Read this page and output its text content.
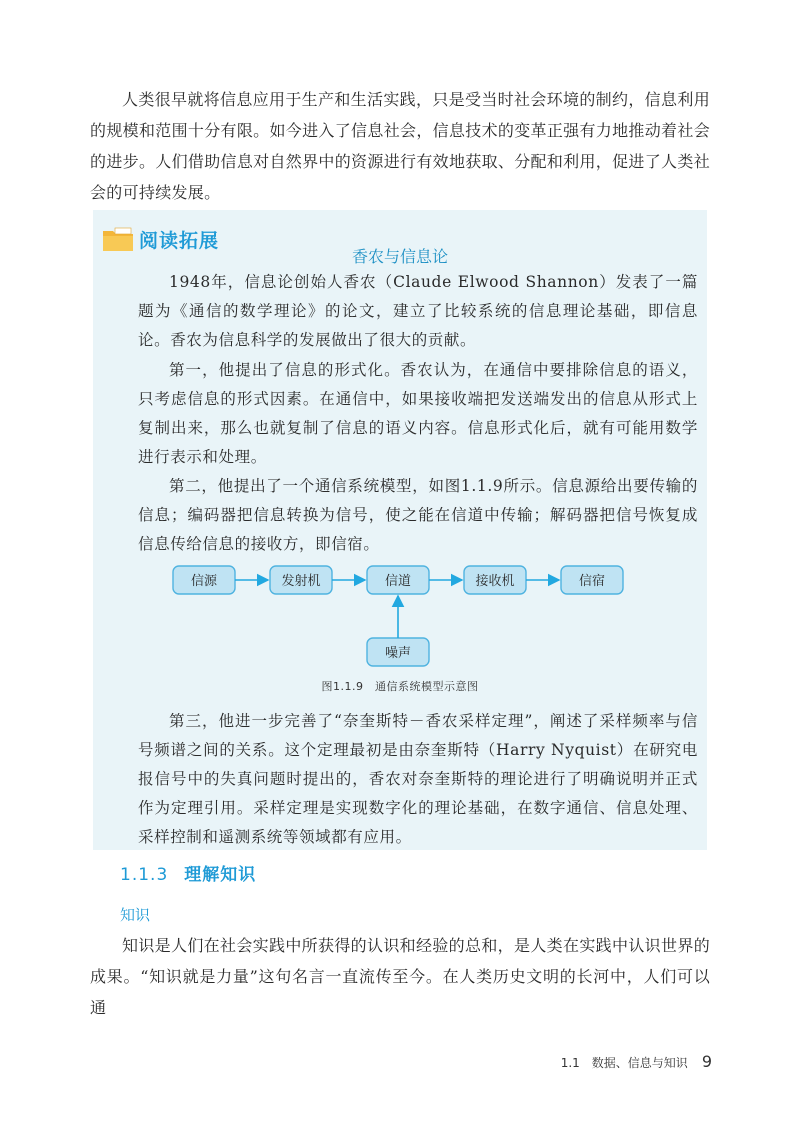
人类很早就将信息应用于生产和生活实践，只是受当时社会环境的制约，信息利用的规模和范围十分有限。如今进入了信息社会，信息技术的变革正强有力地推动着社会的进步。人们借助信息对自然界中的资源进行有效地获取、分配和利用，促进了人类社会的可持续发展。

阅读拓展
香农与信息论

1948年，信息论创始人香农（Claude Elwood Shannon）发表了一篇题为《通信的数学理论》的论文，建立了比较系统的信息理论基础，即信息论。香农为信息科学的发展做出了很大的贡献。

第一，他提出了信息的形式化。香农认为，在通信中要排除信息的语义，只考虑信息的形式因素。在通信中，如果接收端把发送端发出的信息从形式上复制出来，那么也就复制了信息的语义内容。信息形式化后，就有可能用数学进行表示和处理。

第二，他提出了一个通信系统模型，如图1.1.9所示。信息源给出要传输的信息；编码器把信息转换为信号，使之能在信道中传输；解码器把信号恢复成信息传给信息的接收方，即信宿。

信源	发射机	信道	接收机	信宿
噪声
图1.1.9　通信系统模型示意图

第三，他进一步完善了“奈奎斯特－香农采样定理”，阐述了采样频率与信号频谱之间的关系。这个定理最初是由奈奎斯特（Harry Nyquist）在研究电报信号中的失真问题时提出的，香农对奈奎斯特的理论进行了明确说明并正式作为定理引用。采样定理是实现数字化的理论基础，在数字通信、信息处理、采样控制和遥测系统等领域都有应用。

1.1.3 理解知识
知识

知识是人们在社会实践中所获得的认识和经验的总和，是人类在实践中认识世界的成果。“知识就是力量”这句名言一直流传至今。在人类历史文明的长河中，人们可以通

1.1　数据、信息与知识 9
